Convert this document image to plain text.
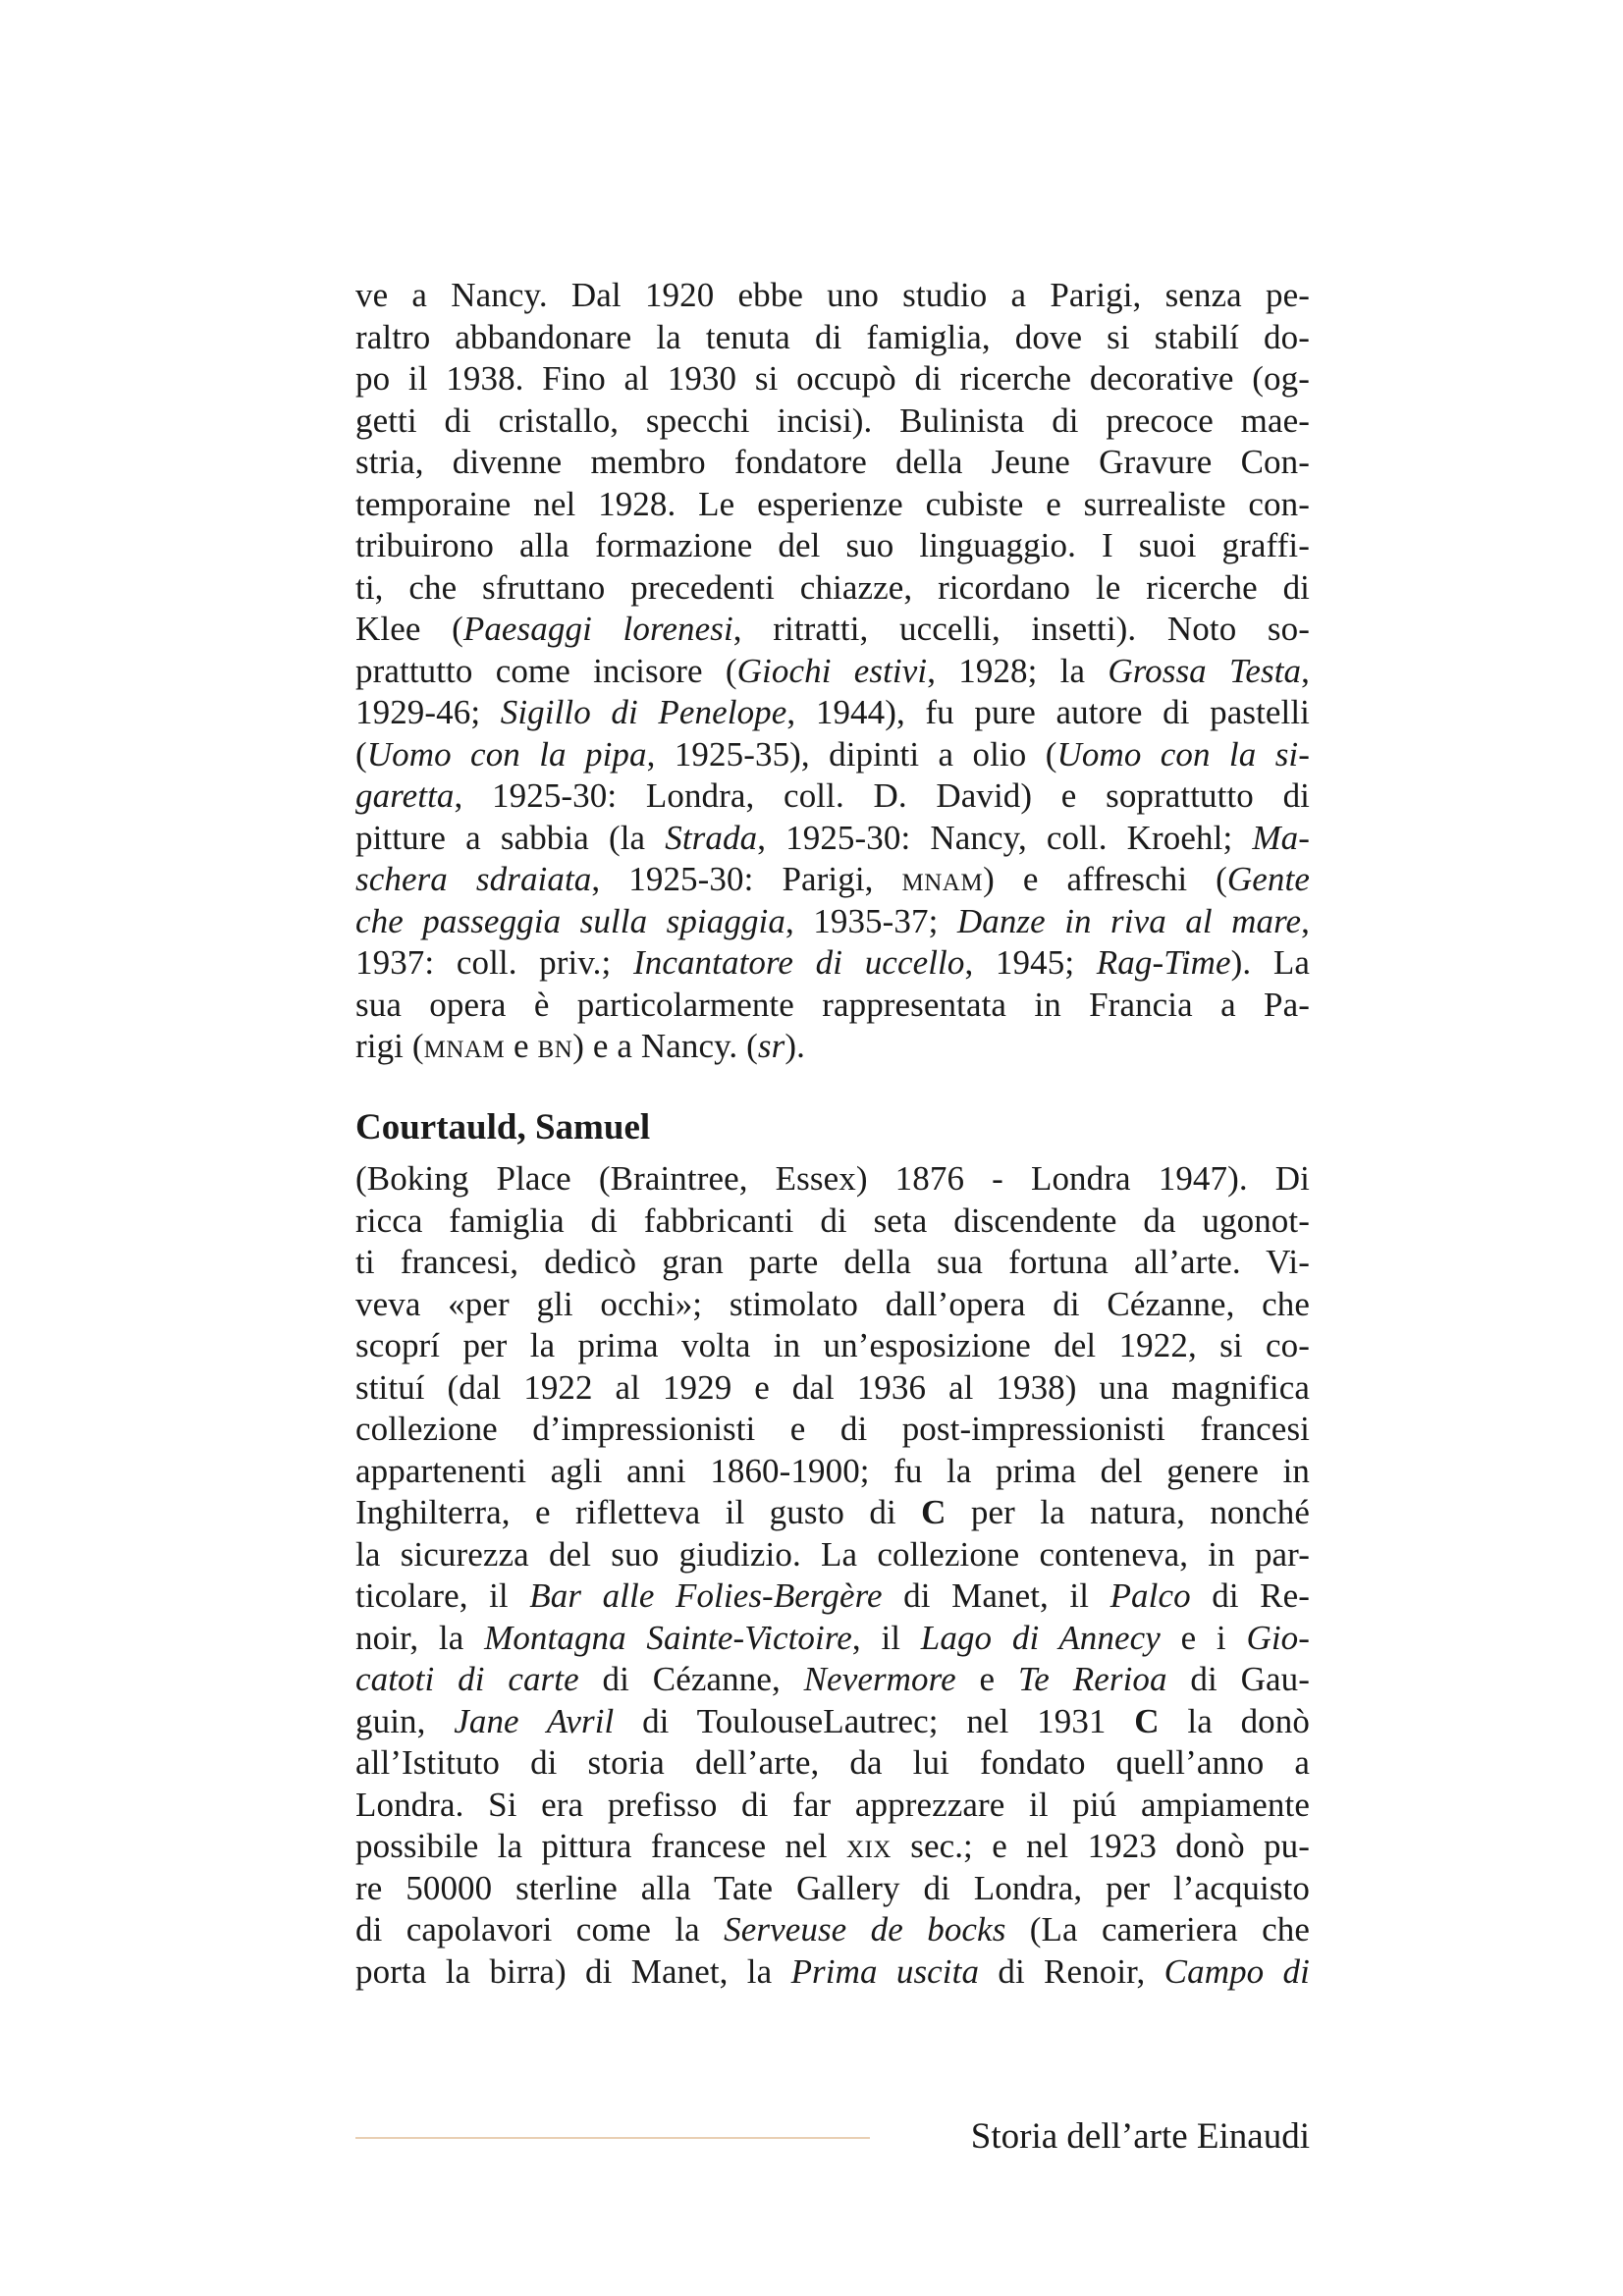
ve a Nancy. Dal 1920 ebbe uno studio a Parigi, senza pe-
raltro abbandonare la tenuta di famiglia, dove si stabilí do-
po il 1938. Fino al 1930 si occupò di ricerche decorative (og-
getti di cristallo, specchi incisi). Bulinista di precoce mae-
stria, divenne membro fondatore della Jeune Gravure Con-
temporaine nel 1928. Le esperienze cubiste e surrealiste con-
tribuirono alla formazione del suo linguaggio. I suoi graffi-
ti, che sfruttano precedenti chiazze, ricordano le ricerche di
Klee (Paesaggi lorenesi, ritratti, uccelli, insetti). Noto so-
prattutto come incisore (Giochi estivi, 1928; la Grossa Testa,
1929-46; Sigillo di Penelope, 1944), fu pure autore di pastelli
(Uomo con la pipa, 1925-35), dipinti a olio (Uomo con la si-
garetta, 1925-30: Londra, coll. D. David) e soprattutto di
pitture a sabbia (la Strada, 1925-30: Nancy, coll. Kroehl; Ma-
schera sdraiata, 1925-30: Parigi, mnam) e affreschi (Gente
che passeggia sulla spiaggia, 1935-37; Danze in riva al mare,
1937: coll. priv.; Incantatore di uccello, 1945; Rag-Time). La
sua opera è particolarmente rappresentata in Francia a Pa-
rigi (mnam e bn) e a Nancy. (sr).
Courtauld, Samuel
(Boking Place (Braintree, Essex) 1876 - Londra 1947). Di
ricca famiglia di fabbricanti di seta discendente da ugonot-
ti francesi, dedicò gran parte della sua fortuna all’arte. Vi-
veva «per gli occhi»; stimolato dall’opera di Cézanne, che
scoprí per la prima volta in un’esposizione del 1922, si co-
stituí (dal 1922 al 1929 e dal 1936 al 1938) una magnifica
collezione d’impressionisti e di post-impressionisti francesi
appartenenti agli anni 1860-1900; fu la prima del genere in
Inghilterra, e rifletteva il gusto di C per la natura, nonché
la sicurezza del suo giudizio. La collezione conteneva, in par-
ticolare, il Bar alle Folies-Bergère di Manet, il Palco di Re-
noir, la Montagna Sainte-Victoire, il Lago di Annecy e i Gio-
catoti di carte di Cézanne, Nevermore e Te Rerioa di Gau-
guin, Jane Avril di ToulouseLautrec; nel 1931 C la donò
all’Istituto di storia dell’arte, da lui fondato quell’anno a
Londra. Si era prefisso di far apprezzare il piú ampiamente
possibile la pittura francese nel xix sec.; e nel 1923 donò pu-
re 50000 sterline alla Tate Gallery di Londra, per l’acquisto
di capolavori come la Serveuse de bocks (La cameriera che
porta la birra) di Manet, la Prima uscita di Renoir, Campo di
Storia dell’arte Einaudi
